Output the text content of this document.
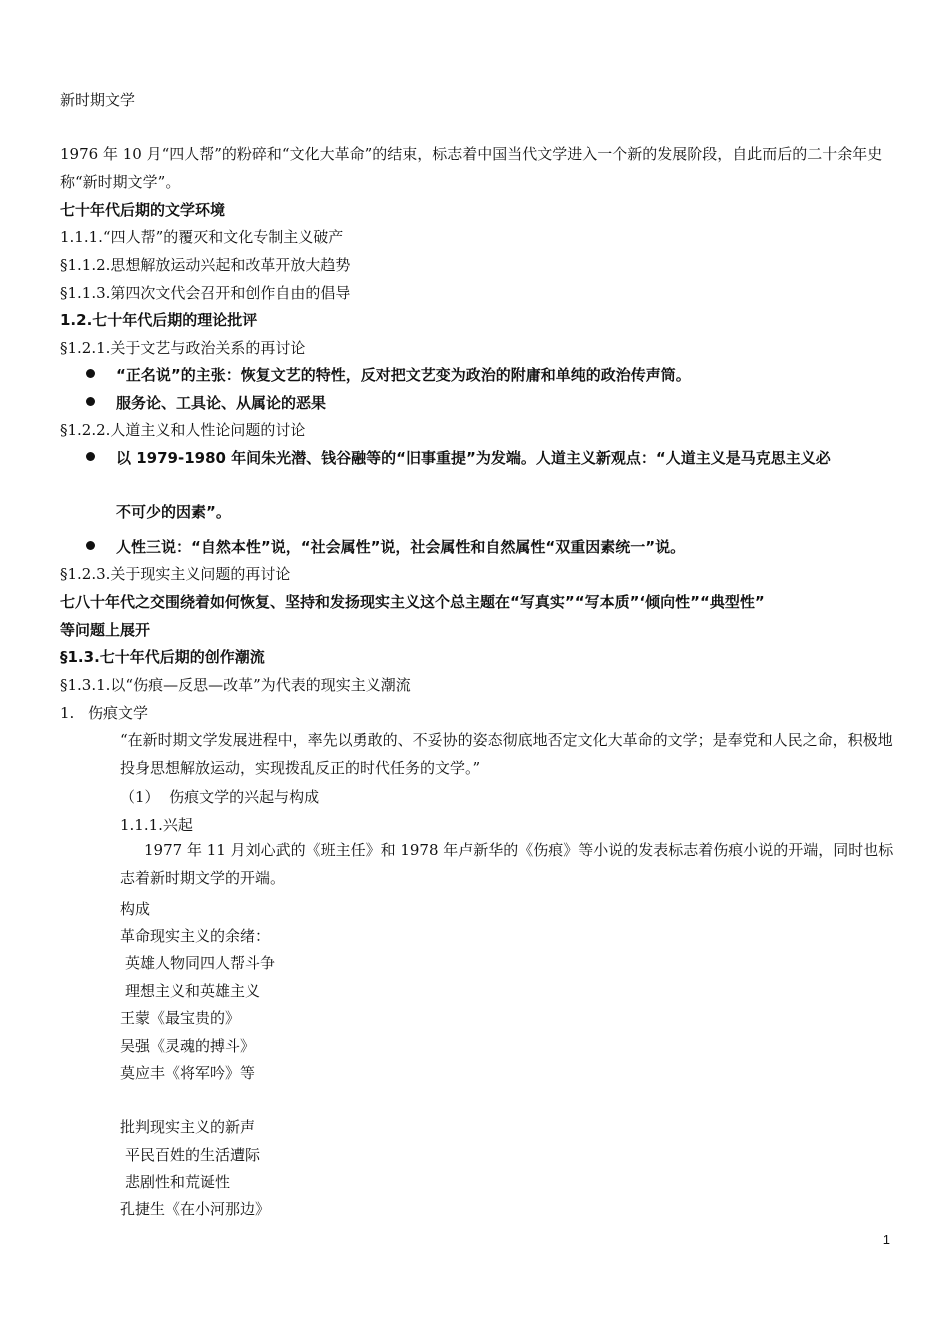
新时期文学
1976 年 10 月“四人帮”的粉碎和“文化大革命”的结束，标志着中国当代文学进入一个新的发展阶段，自此而后的二十余年史称“新时期文学”。
七十年代后期的文学环境
1.1.1.“四人帮”的覆灭和文化专制主义破产
§1.1.2.思想解放运动兴起和改革开放大趋势
§1.1.3.第四次文代会召开和创作自由的倡导
1.2.七十年代后期的理论批评
§1.2.1.关于文艺与政治关系的再讨论
“正名说”的主张：恢复文艺的特性，反对把文艺变为政治的附庸和单纯的政治传声筒。
服务论、工具论、从属论的恶果
§1.2.2.人道主义和人性论问题的讨论
以 1979-1980 年间朱光潜、钱谷融等的“旧事重提”为发端。人道主义新观点：“人道主义是马克思主义必
不可少的因素”。
人性三说：“自然本性”说，“社会属性”说，社会属性和自然属性“双重因素统一”说。
§1.2.3.关于现实主义问题的再讨论
七八十年代之交围绕着如何恢复、坚持和发扬现实主义这个总主题在“写真实”“写本质”‘倾向性”“典型性”
等问题上展开
§1.3.七十年代后期的创作潮流
§1.3.1.以“伤痕—反思—改革”为代表的现实主义潮流
1. 伤痕文学
“在新时期文学发展进程中，率先以勇敢的、不妥协的姿态彻底地否定文化大革命的文学；是奉党和人民之命，积极地投身思想解放运动，实现拨乱反正的时代任务的文学。”
（1）  伤痕文学的兴起与构成
1.1.1.兴起
1977 年 11 月刘心武的《班主任》和 1978 年卢新华的《伤痕》等小说的发表标志着伤痕小说的开端，同时也标志着新时期文学的开端。
构成
革命现实主义的余绪：
英雄人物同四人帮斗争
理想主义和英雄主义
王蒙《最宝贵的》
吴强《灵魂的搏斗》
莫应丰《将军吟》等
批判现实主义的新声
平民百姓的生活遭际
悲剧性和荒诞性
孔捷生《在小河那边》
1
